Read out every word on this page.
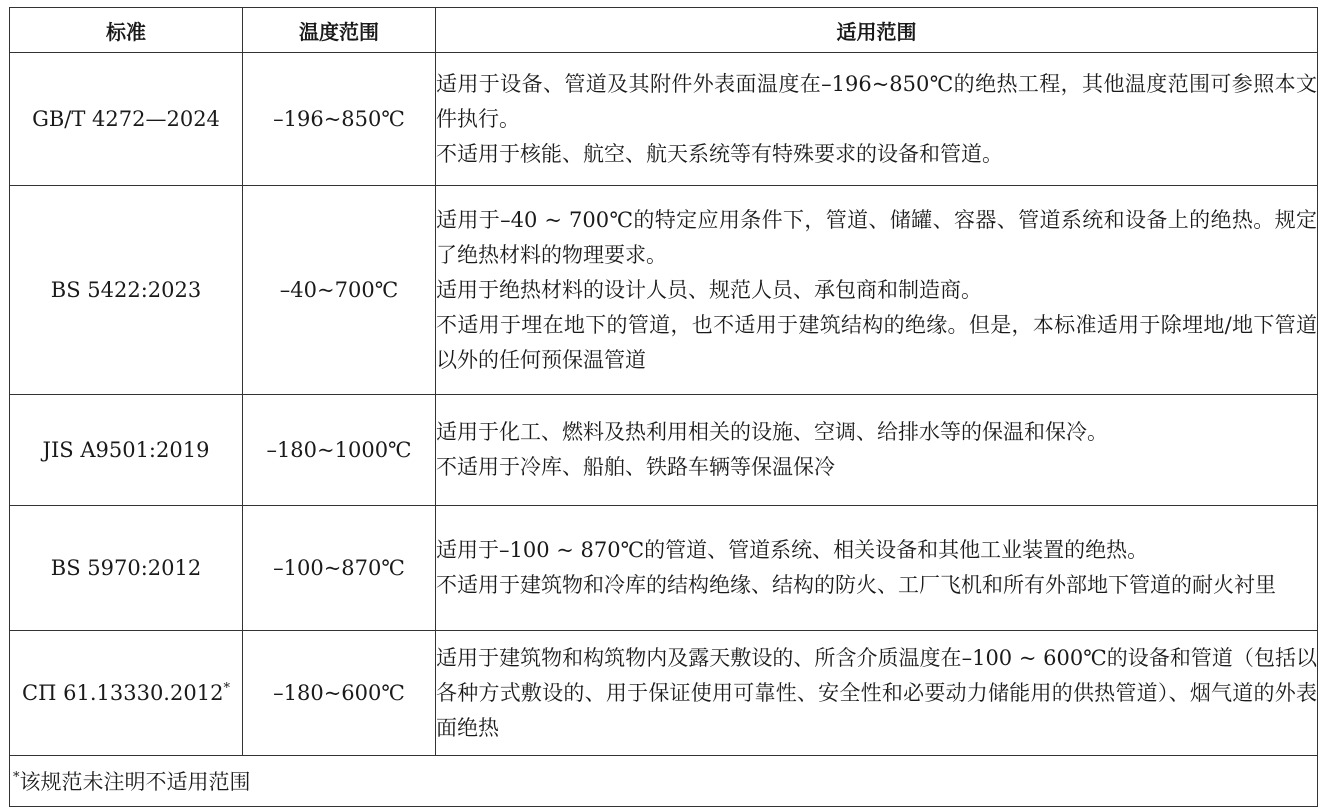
标准	温度范围	适用范围
GB/T 4272—2024	–196~850℃	适用于设备、管道及其附件外表面温度在–196~850℃的绝热工程，其他温度范围可参照本文件执行。

不适用于核能、航空、航天系统等有特殊要求的设备和管道。

BS 5422:2023	–40~700℃	适用于–40 ~ 700℃的特定应用条件下，管道、储罐、容器、管道系统和设备上的绝热。规定了绝热材料的物理要求。

适用于绝热材料的设计人员、规范人员、承包商和制造商。

不适用于埋在地下的管道，也不适用于建筑结构的绝缘。但是，本标准适用于除埋地/地下管道以外的任何预保温管道

JIS A9501:2019	–180~1000℃	适用于化工、燃料及热利用相关的设施、空调、给排水等的保温和保冷。

不适用于冷库、船舶、铁路车辆等保温保冷

BS 5970:2012	–100~870℃	适用于–100 ~ 870℃的管道、管道系统、相关设备和其他工业装置的绝热。

不适用于建筑物和冷库的结构绝缘、结构的防火、工厂飞机和所有外部地下管道的耐火衬里

CП 61.13330.2012*	–180~600℃	适用于建筑物和构筑物内及露天敷设的、所含介质温度在–100 ~ 600℃的设备和管道（包括以各种方式敷设的、用于保证使用可靠性、安全性和必要动力储能用的供热管道）、烟气道的外表面绝热

*该规范未注明不适用范围		
